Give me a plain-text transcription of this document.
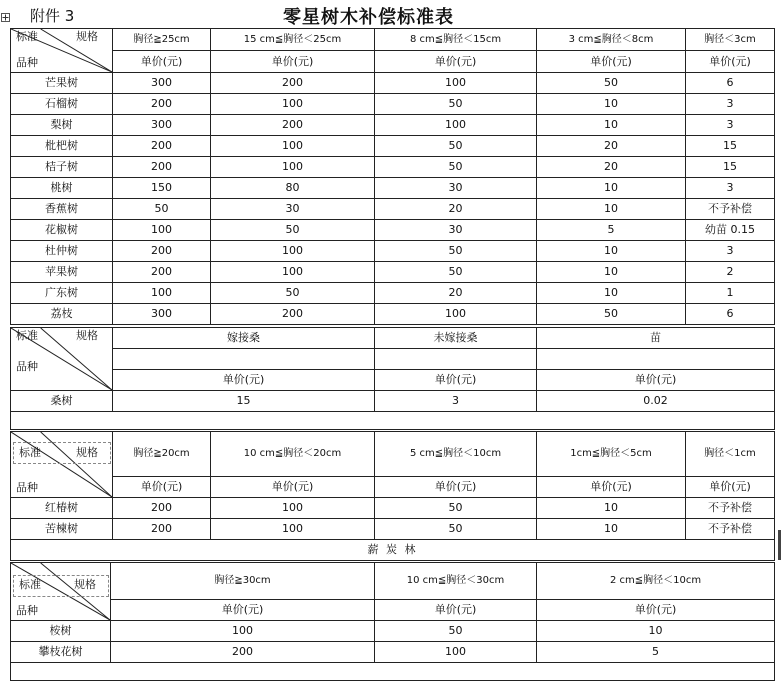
附件 3	零星树木补偿标准表
标准 规格
品种	胸径≧25cm	15 cm≦胸径＜25cm	8 cm≦胸径＜15cm	3 cm≦胸径＜8cm	胸径＜3cm
	单价(元)	单价(元)	单价(元)	单价(元)	单价(元)
芒果树	300	200	100	50	6
石榴树	200	100	50	10	3
梨树	300	200	100	10	3
枇杷树	200	100	50	20	15
桔子树	200	100	50	20	15
桃树	150	80	30	10	3
香蕉树	50	30	20	10	不予补偿
花椒树	100	50	30	5	幼苗 0.15
杜仲树	200	100	50	10	3
苹果树	200	100	50	10	2
广东树	100	50	20	10	1
荔枝	300	200	100	50	6
标准 规格
品种	嫁接桑	未嫁接桑	苗

	单价(元)	单价(元)	单价(元)
桑树	15	3	0.02

标准 规格
品种	胸径≧20cm	10 cm≦胸径＜20cm	5 cm≦胸径＜10cm	1cm≦胸径＜5cm	胸径＜1cm
	单价(元)	单价(元)	单价(元)	单价(元)	单价(元)
红椿树	200	100	50	10	不予补偿
苦楝树	200	100	50	10	不予补偿
薪 炭 林					
标准 规格
品种	胸径≧30cm	10 cm≦胸径＜30cm	2 cm≦胸径＜10cm
	单价(元)	单价(元)	单价(元)
桉树	100	50	10
攀枝花树	200	100	5
